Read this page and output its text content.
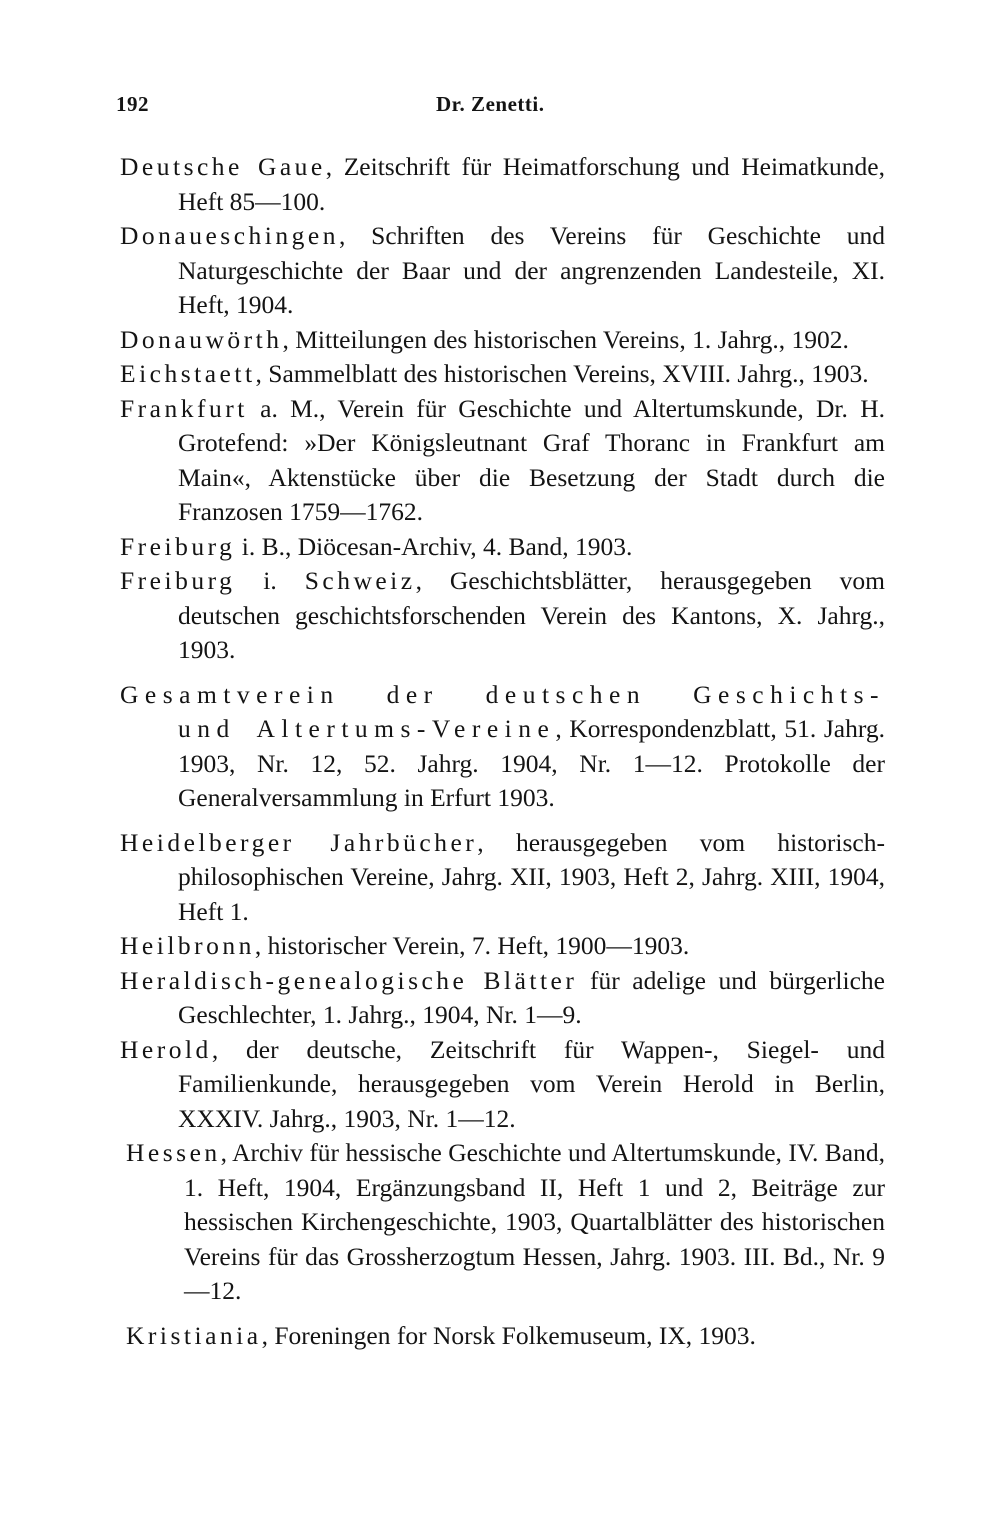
192	Dr. Zenetti.

Deutsche Gaue, Zeitschrift für Heimatforschung und Heimatkunde, Heft 85—100.

Donaueschingen, Schriften des Vereins für Geschichte und Naturgeschichte der Baar und der angrenzenden Landesteile, XI. Heft, 1904.

Donauwörth, Mitteilungen des historischen Vereins, 1. Jahrg., 1902.

Eichstaett, Sammelblatt des historischen Vereins, XVIII. Jahrg., 1903.

Frankfurt a. M., Verein für Geschichte und Altertumskunde, Dr. H. Grotefend: »Der Königsleutnant Graf Thoranc in Frankfurt am Main«, Aktenstücke über die Besetzung der Stadt durch die Franzosen 1759—1762.

Freiburg i. B., Diöcesan-Archiv, 4. Band, 1903.

Freiburg i. Schweiz, Geschichtsblätter, herausgegeben vom deutschen geschichtsforschenden Verein des Kantons, X. Jahrg., 1903.

Gesamtverein der deutschen Geschichts- und Altertums-Vereine, Korrespondenzblatt, 51. Jahrg. 1903, Nr. 12, 52. Jahrg. 1904, Nr. 1—12. Protokolle der Generalversammlung in Erfurt 1903.

Heidelberger Jahrbücher, herausgegeben vom historisch-philosophischen Vereine, Jahrg. XII, 1903, Heft 2, Jahrg. XIII, 1904, Heft 1.

Heilbronn, historischer Verein, 7. Heft, 1900—1903.

Heraldisch-genealogische Blätter für adelige und bürgerliche Geschlechter, 1. Jahrg., 1904, Nr. 1—9.

Herold, der deutsche, Zeitschrift für Wappen-, Siegel- und Familienkunde, herausgegeben vom Verein Herold in Berlin, XXXIV. Jahrg., 1903, Nr. 1—12.

Hessen, Archiv für hessische Geschichte und Altertumskunde, IV. Band, 1. Heft, 1904, Ergänzungsband II, Heft 1 und 2, Beiträge zur hessischen Kirchengeschichte, 1903, Quartalblätter des historischen Vereins für das Grossherzogtum Hessen, Jahrg. 1903. III. Bd., Nr. 9—12.

Kristiania, Foreningen for Norsk Folkemuseum, IX, 1903.
